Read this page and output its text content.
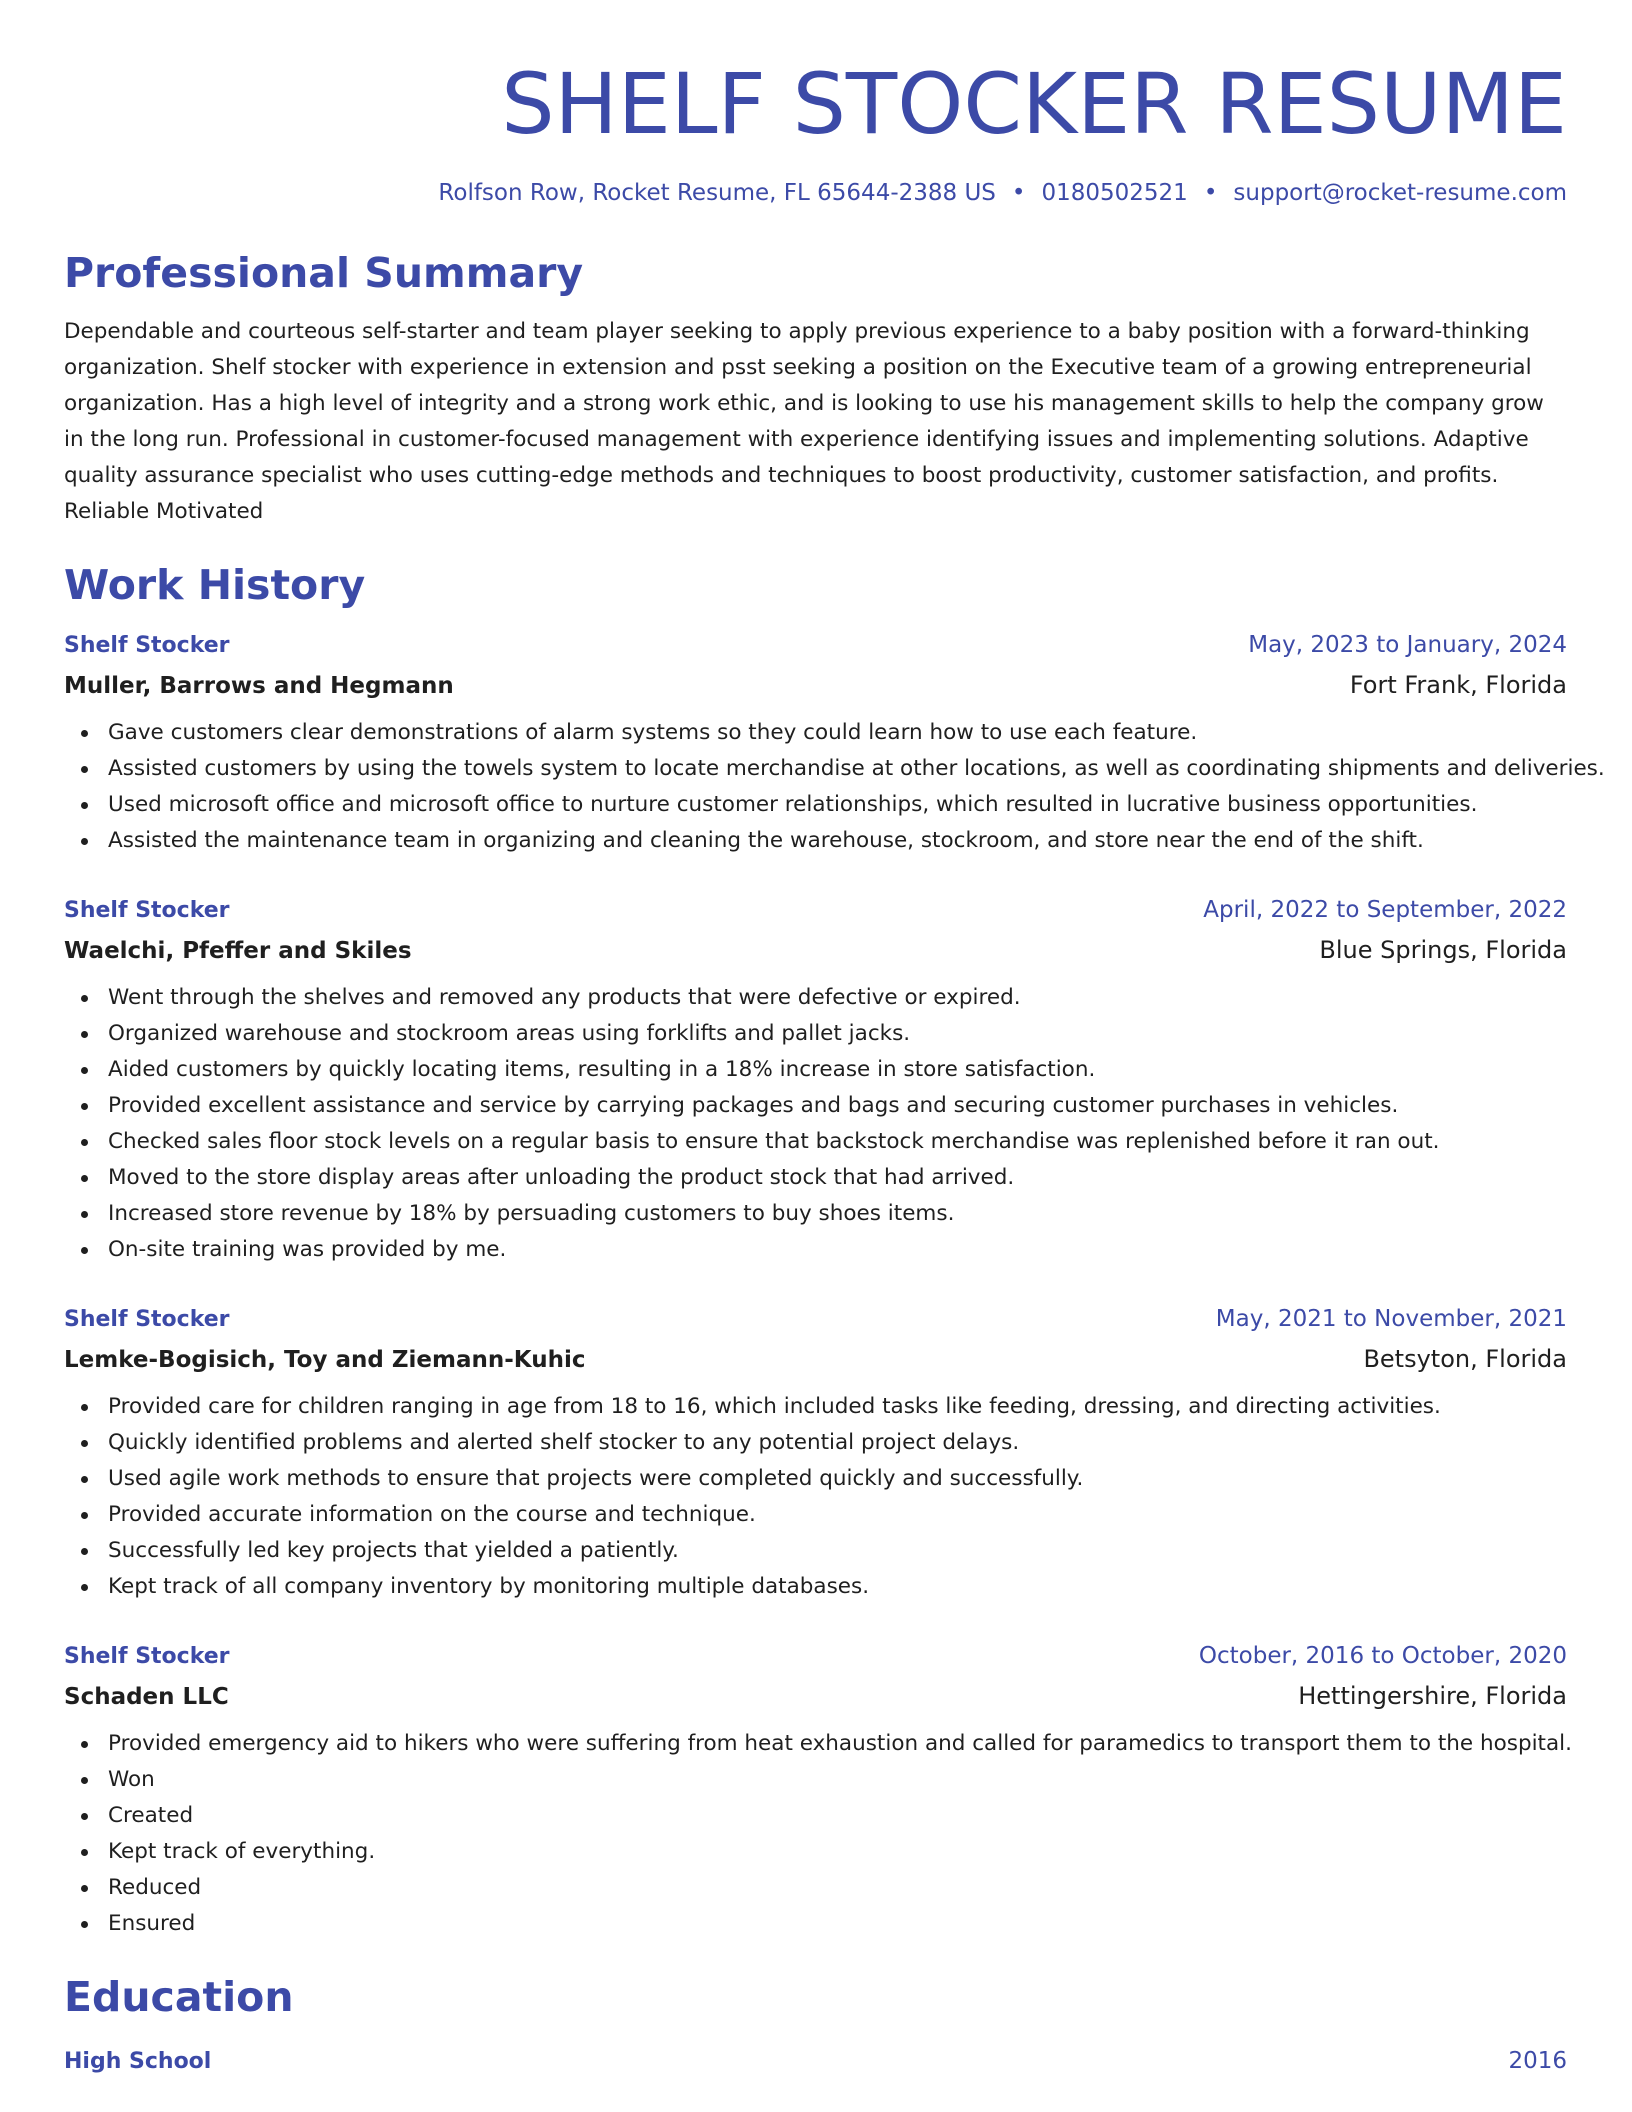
SHELF STOCKER RESUME
Rolfson Row, Rocket Resume, FL 65644-2388 US • 0180502521 • support@rocket-resume.com
Professional Summary

Dependable and courteous self-starter and team player seeking to apply previous experience to a baby position with a forward-thinking organization. Shelf stocker with experience in extension and psst seeking a position on the Executive team of a growing entrepreneurial organization. Has a high level of integrity and a strong work ethic, and is looking to use his management skills to help the company grow in the long run. Professional in customer-focused management with experience identifying issues and implementing solutions. Adaptive quality assurance specialist who uses cutting-edge methods and techniques to boost productivity, customer satisfaction, and profits. Reliable Motivated

Work History
Shelf Stocker	May, 2023 to January, 2024
Muller, Barrows and Hegmann	Fort Frank, Florida
Gave customers clear demonstrations of alarm systems so they could learn how to use each feature.
Assisted customers by using the towels system to locate merchandise at other locations, as well as coordinating shipments and deliveries.
Used microsoft office and microsoft office to nurture customer relationships, which resulted in lucrative business opportunities.
Assisted the maintenance team in organizing and cleaning the warehouse, stockroom, and store near the end of the shift.
Shelf Stocker	April, 2022 to September, 2022
Waelchi, Pfeffer and Skiles	Blue Springs, Florida
Went through the shelves and removed any products that were defective or expired.
Organized warehouse and stockroom areas using forklifts and pallet jacks.
Aided customers by quickly locating items, resulting in a 18% increase in store satisfaction.
Provided excellent assistance and service by carrying packages and bags and securing customer purchases in vehicles.
Checked sales floor stock levels on a regular basis to ensure that backstock merchandise was replenished before it ran out.
Moved to the store display areas after unloading the product stock that had arrived.
Increased store revenue by 18% by persuading customers to buy shoes items.
On-site training was provided by me.
Shelf Stocker	May, 2021 to November, 2021
Lemke-Bogisich, Toy and Ziemann-Kuhic	Betsyton, Florida
Provided care for children ranging in age from 18 to 16, which included tasks like feeding, dressing, and directing activities.
Quickly identified problems and alerted shelf stocker to any potential project delays.
Used agile work methods to ensure that projects were completed quickly and successfully.
Provided accurate information on the course and technique.
Successfully led key projects that yielded a patiently.
Kept track of all company inventory by monitoring multiple databases.
Shelf Stocker	October, 2016 to October, 2020
Schaden LLC	Hettingershire, Florida
Provided emergency aid to hikers who were suffering from heat exhaustion and called for paramedics to transport them to the hospital.
Won
Created
Kept track of everything.
Reduced
Ensured
Education
High School	2016
